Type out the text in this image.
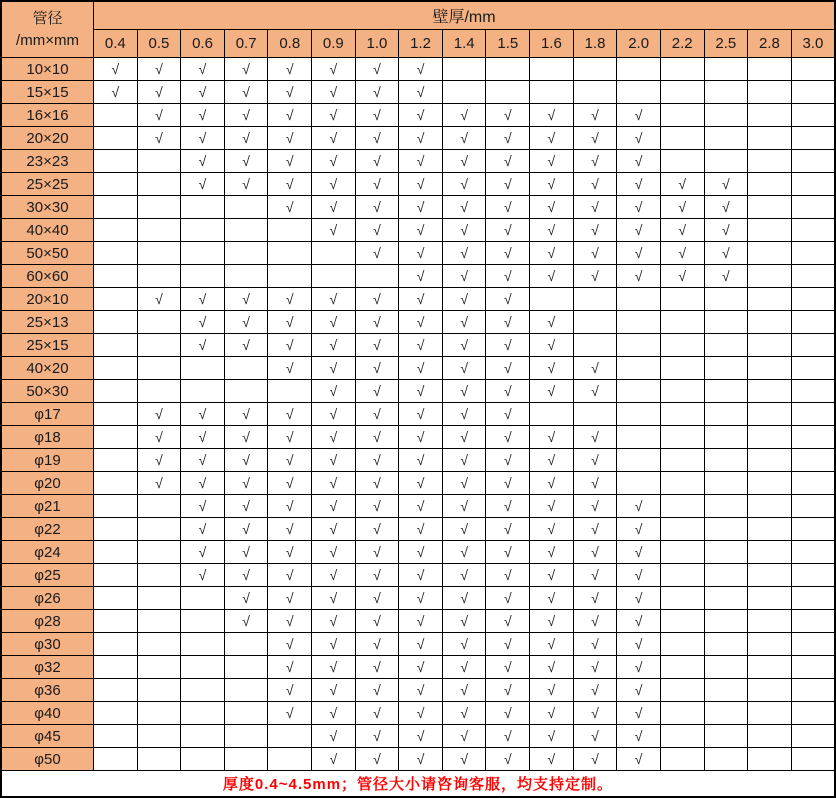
管径
/mm×mm	壁厚/mm																
	0.4	0.5	0.6	0.7	0.8	0.9	1.0	1.2	1.4	1.5	1.6	1.8	2.0	2.2	2.5	2.8	3.0
10×10	√	√	√	√	√	√	√	√									
15×15	√	√	√	√	√	√	√	√									
16×16		√	√	√	√	√	√	√	√	√	√	√	√				
20×20		√	√	√	√	√	√	√	√	√	√	√	√				
23×23			√	√	√	√	√	√	√	√	√	√	√				
25×25			√	√	√	√	√	√	√	√	√	√	√	√	√		
30×30					√	√	√	√	√	√	√	√	√	√	√		
40×40						√	√	√	√	√	√	√	√	√	√		
50×50							√	√	√	√	√	√	√	√	√		
60×60								√	√	√	√	√	√	√	√		
20×10		√	√	√	√	√	√	√	√	√							
25×13			√	√	√	√	√	√	√	√	√						
25×15			√	√	√	√	√	√	√	√	√						
40×20					√	√	√	√	√	√	√	√					
50×30						√	√	√	√	√	√	√					
φ17		√	√	√	√	√	√	√	√	√							
φ18		√	√	√	√	√	√	√	√	√	√	√					
φ19		√	√	√	√	√	√	√	√	√	√	√					
φ20		√	√	√	√	√	√	√	√	√	√	√					
φ21			√	√	√	√	√	√	√	√	√	√	√				
φ22			√	√	√	√	√	√	√	√	√	√	√				
φ24			√	√	√	√	√	√	√	√	√	√	√				
φ25			√	√	√	√	√	√	√	√	√	√	√				
φ26				√	√	√	√	√	√	√	√	√	√				
φ28				√	√	√	√	√	√	√	√	√	√				
φ30					√	√	√	√	√	√	√	√	√				
φ32					√	√	√	√	√	√	√	√	√				
φ36					√	√	√	√	√	√	√	√	√				
φ40					√	√	√	√	√	√	√	√	√				
φ45						√	√	√	√	√	√	√	√				
φ50						√	√	√	√	√	√	√	√				
厚度0.4~4.5mm；管径大小请咨询客服，均支持定制。																	
